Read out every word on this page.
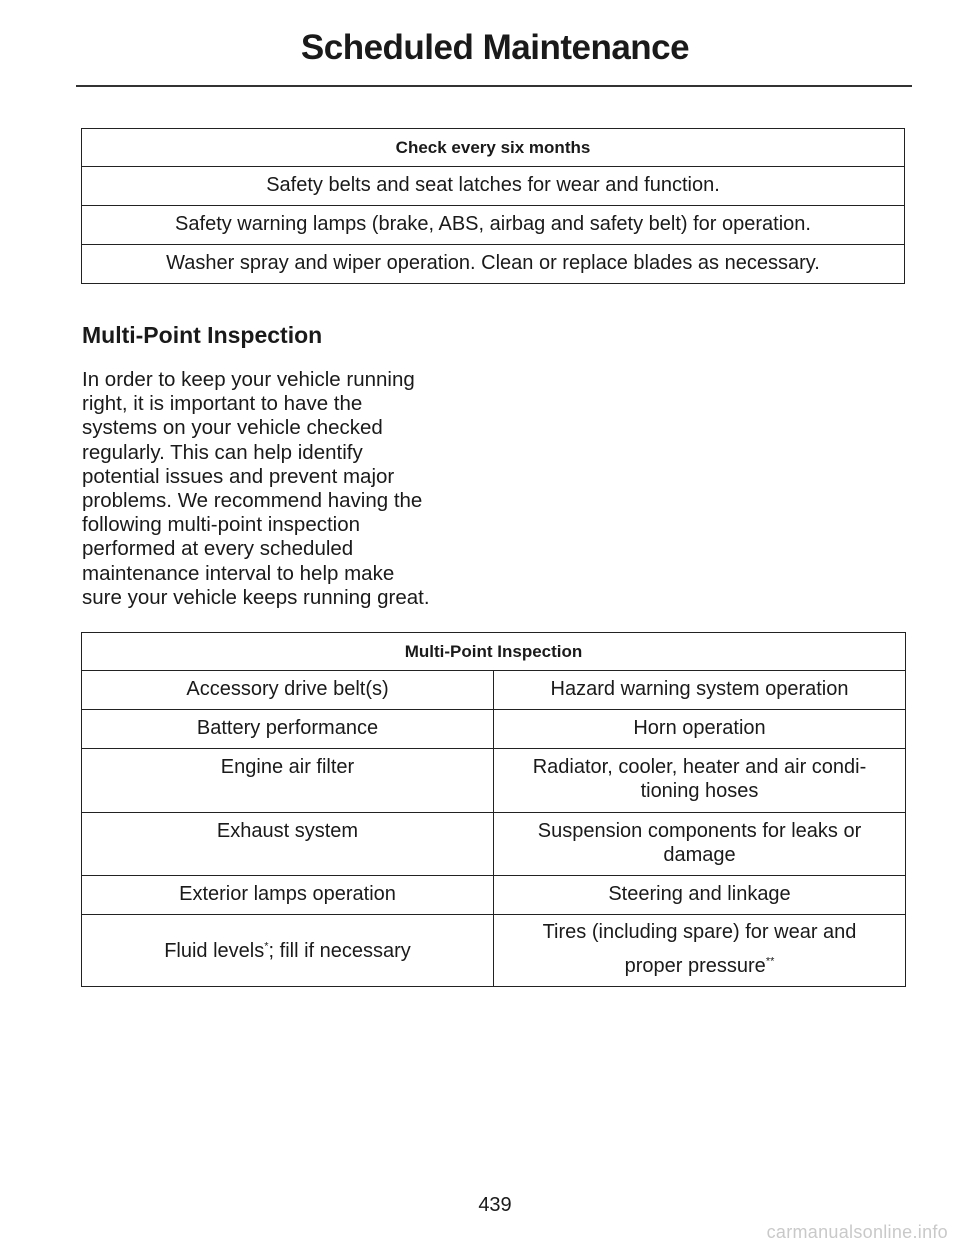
Scheduled Maintenance
Check every six months
Safety belts and seat latches for wear and function.
Safety warning lamps (brake, ABS, airbag and safety belt) for operation.
Washer spray and wiper operation. Clean or replace blades as necessary.
Multi-Point Inspection

In order to keep your vehicle running
right, it is important to have the
systems on your vehicle checked
regularly. This can help identify
potential issues and prevent major
problems. We recommend having the
following multi-point inspection
performed at every scheduled
maintenance interval to help make
sure your vehicle keeps running great.

Multi-Point Inspection	
Accessory drive belt(s)	Hazard warning system operation
Battery performance	Horn operation
Engine air filter	Radiator, cooler, heater and air condi-
tioning hoses
Exhaust system	Suspension components for leaks or
damage
Exterior lamps operation	Steering and linkage
Fluid levels*; fill if necessary	Tires (including spare) for wear and
proper pressure**
439
carmanualsonline.info
